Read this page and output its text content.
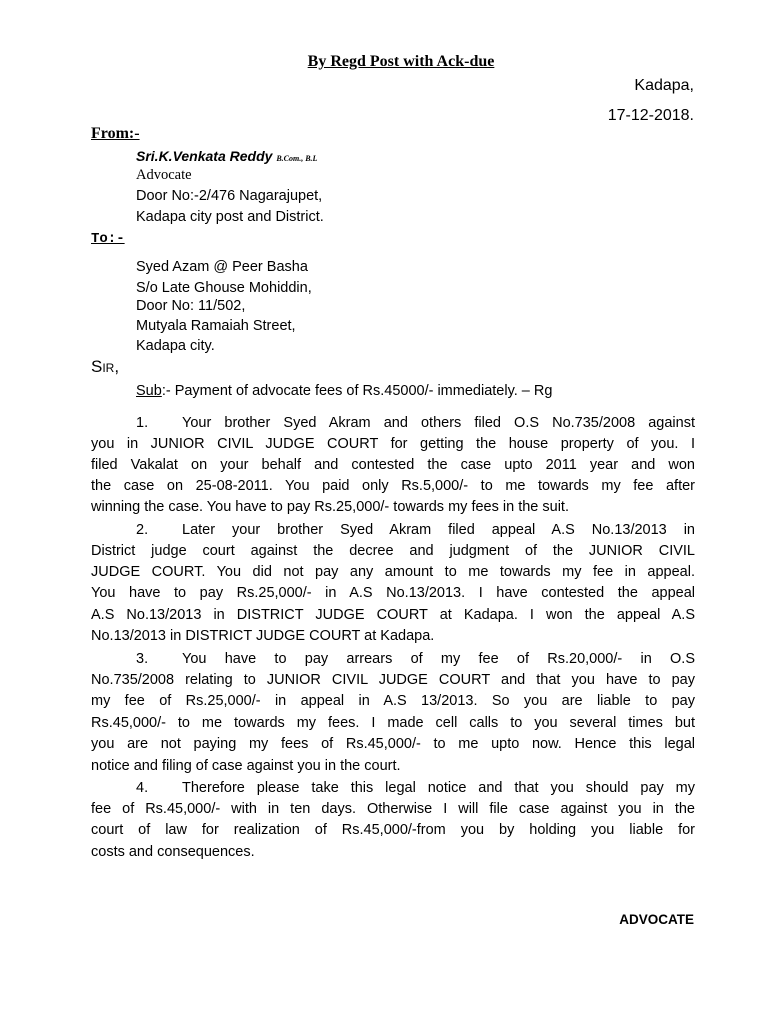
By Regd Post with Ack-due
Kadapa,
17-12-2018.
From:-
Sri.K.Venkata Reddy B.Com., B.L
Advocate
Door No:-2/476 Nagarajupet,
Kadapa city post and District.
To:-
Syed Azam @ Peer Basha
S/o Late Ghouse Mohiddin,
Door No: 11/502,
Mutyala Ramaiah Street,
Kadapa city.
Sir,
Sub:- Payment of advocate fees of Rs.45000/- immediately. – Rg
1. Your brother Syed Akram and others filed O.S No.735/2008 against
you in JUNIOR CIVIL JUDGE COURT for getting the house property of you. I
filed Vakalat on your behalf and contested the case upto 2011 year and won
the case on 25-08-2011. You paid only Rs.5,000/- to me towards my fee after
winning the case. You have to pay Rs.25,000/- towards my fees in the suit.
2. Later your brother Syed Akram filed appeal A.S No.13/2013 in
District judge court against the decree and judgment of the JUNIOR CIVIL
JUDGE COURT. You did not pay any amount to me towards my fee in appeal.
You have to pay Rs.25,000/- in A.S No.13/2013. I have contested the appeal
A.S No.13/2013 in DISTRICT JUDGE COURT at Kadapa. I won the appeal A.S
No.13/2013 in DISTRICT JUDGE COURT at Kadapa.
3. You have to pay arrears of my fee of Rs.20,000/- in O.S
No.735/2008 relating to JUNIOR CIVIL JUDGE COURT and that you have to pay
my fee of Rs.25,000/- in appeal in A.S 13/2013. So you are liable to pay
Rs.45,000/- to me towards my fees. I made cell calls to you several times but
you are not paying my fees of Rs.45,000/- to me upto now. Hence this legal
notice and filing of case against you in the court.
4. Therefore please take this legal notice and that you should pay my
fee of Rs.45,000/- with in ten days. Otherwise I will file case against you in the
court of law for realization of Rs.45,000/-from you by holding you liable for
costs and consequences.
ADVOCATE
